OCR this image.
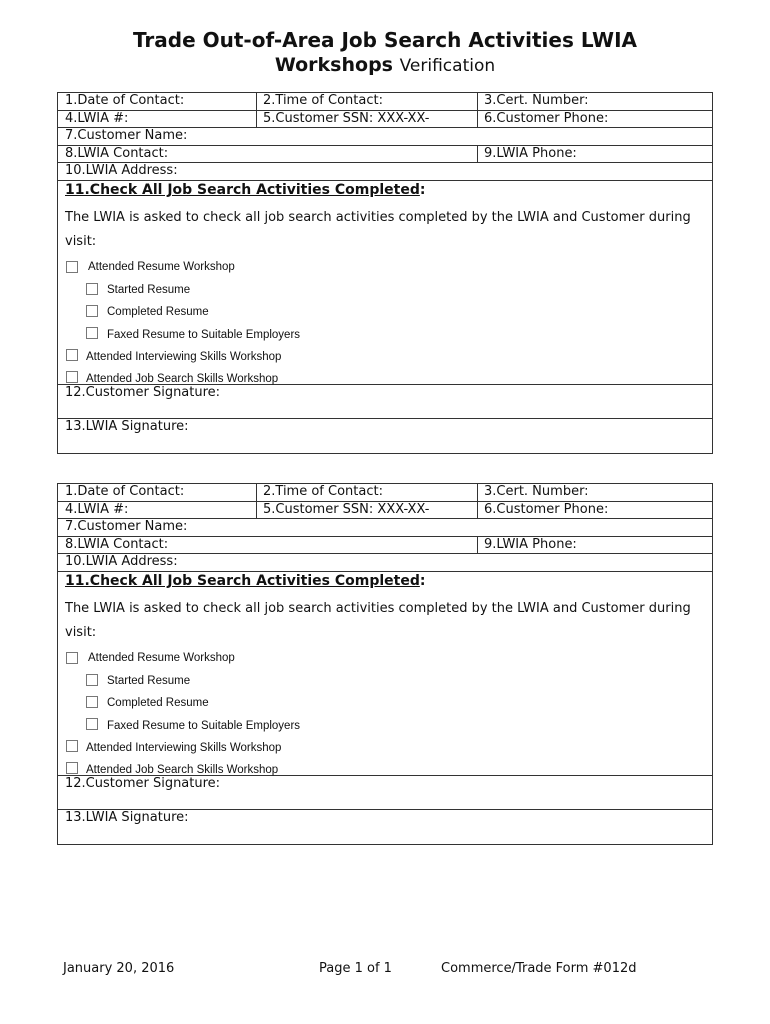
Trade Out-of-Area Job Search Activities LWIA
Workshops Verification
1.Date of Contact:	2.Time of Contact:	3.Cert. Number:
4.LWIA #:	5.Customer SSN: XXX-XX-	6.Customer Phone:
7.Customer Name:
8.LWIA Contact:	9.LWIA Phone:
10.LWIA Address:
11.Check All Job Search Activities Completed:
The LWIA is asked to check all job search activities completed by the LWIA and Customer during visit:
Attended Resume Workshop
Started Resume
Completed Resume
Faxed Resume to Suitable Employers
Attended Interviewing Skills Workshop
Attended Job Search Skills Workshop
12.Customer Signature:
13.LWIA Signature:
1.Date of Contact:	2.Time of Contact:	3.Cert. Number:
4.LWIA #:	5.Customer SSN: XXX-XX-	6.Customer Phone:
7.Customer Name:
8.LWIA Contact:	9.LWIA Phone:
10.LWIA Address:
11.Check All Job Search Activities Completed:
The LWIA is asked to check all job search activities completed by the LWIA and Customer during visit:
Attended Resume Workshop
Started Resume
Completed Resume
Faxed Resume to Suitable Employers
Attended Interviewing Skills Workshop
Attended Job Search Skills Workshop
12.Customer Signature:
13.LWIA Signature:
January 20, 2016	Page 1 of 1	Commerce/Trade Form #012d
